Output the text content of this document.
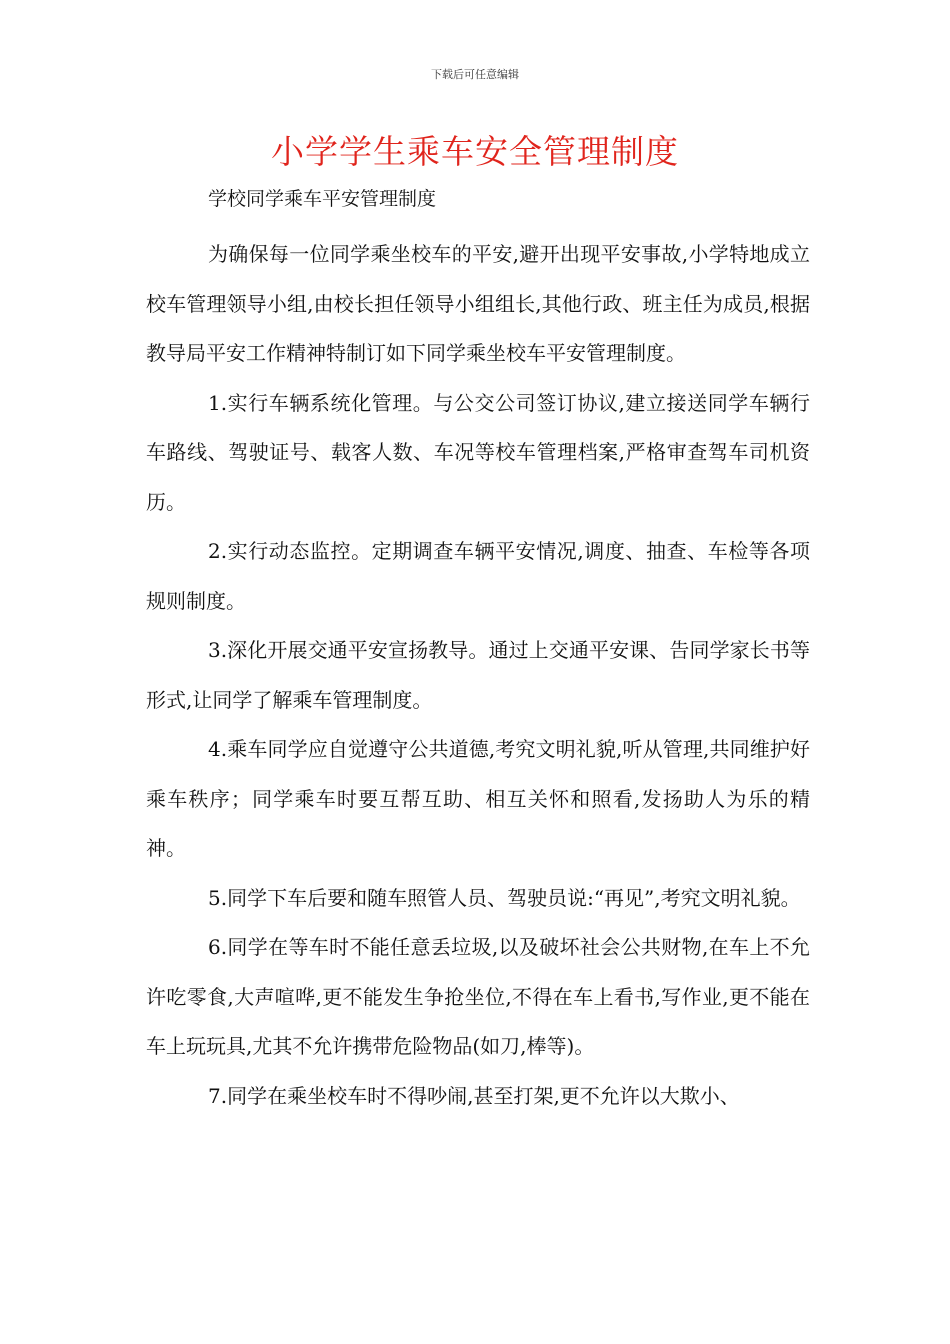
下载后可任意编辑
小学学生乘车安全管理制度
学校同学乘车平安管理制度

为确保每一位同学乘坐校车的平安,避开出现平安事故,小学特地成立校车管理领导小组,由校长担任领导小组组长,其他行政、班主任为成员,根据教导局平安工作精神特制订如下同学乘坐校车平安管理制度。

1.实行车辆系统化管理。与公交公司签订协议,建立接送同学车辆行车路线、驾驶证号、载客人数、车况等校车管理档案,严格审查驾车司机资历。

2.实行动态监控。定期调查车辆平安情况,调度、抽查、车检等各项规则制度。

3.深化开展交通平安宣扬教导。通过上交通平安课、告同学家长书等形式,让同学了解乘车管理制度。

4.乘车同学应自觉遵守公共道德,考究文明礼貌,听从管理,共同维护好乘车秩序；同学乘车时要互帮互助、相互关怀和照看,发扬助人为乐的精神。

5.同学下车后要和随车照管人员、驾驶员说:“再见”,考究文明礼貌。

6.同学在等车时不能任意丢垃圾,以及破坏社会公共财物,在车上不允许吃零食,大声喧哗,更不能发生争抢坐位,不得在车上看书,写作业,更不能在车上玩玩具,尤其不允许携带危险物品(如刀,棒等)。

7.同学在乘坐校车时不得吵闹,甚至打架,更不允许以大欺小、
